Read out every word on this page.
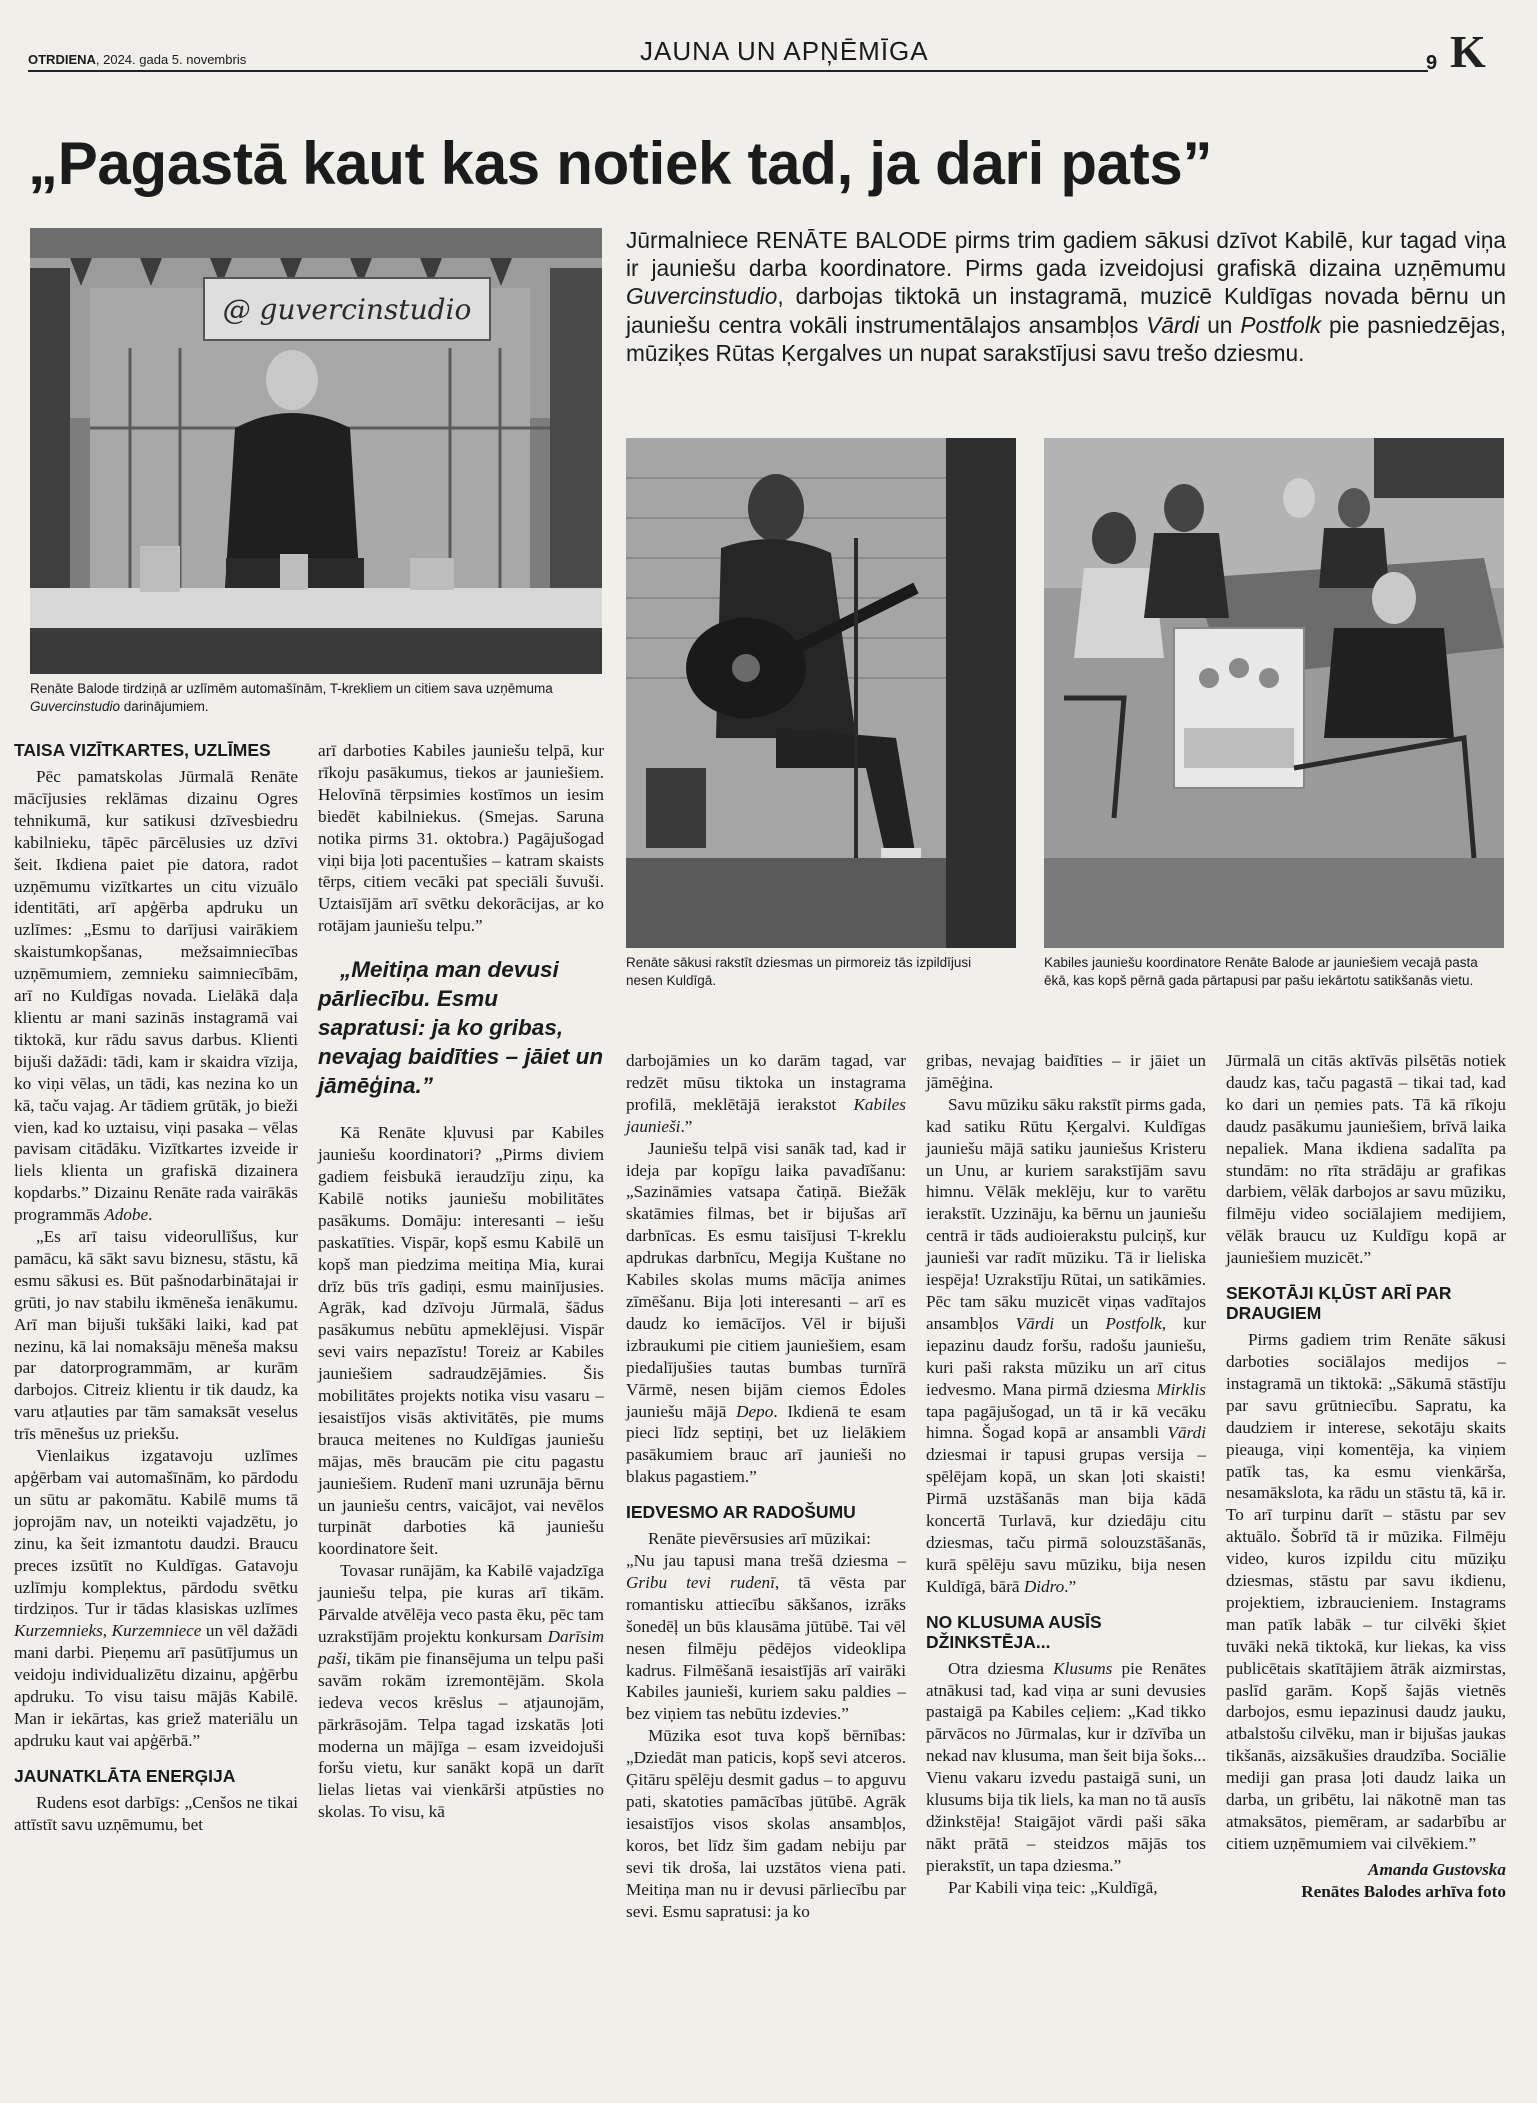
OTRDIENA, 2024. gada 5. novembris	JAUNA UN APŅĒMĪGA	9 K
„Pagastā kaut kas notiek tad, ja dari pats”

Jūrmalniece RENĀTE BALODE pirms trim gadiem sākusi dzīvot Kabilē, kur tagad viņa ir jauniešu darba koordinatore. Pirms gada izveidojusi grafiskā dizaina uzņēmumu Guvercinstudio, darbojas tiktokā un instagramā, muzicē Kuldīgas novada bērnu un jauniešu centra vokāli instrumentālajos ansambļos Vārdi un Postfolk pie pasniedzējas, mūziķes Rūtas Ķergalves un nupat sarakstījusi savu trešo dziesmu.

@ guvercinstudio

Renāte Balode tirdziņā ar uzlīmēm automašīnām, T-krekliem un citiem sava uzņēmuma Guvercinstudio darinājumiem.

Renāte sākusi rakstīt dziesmas un pirmoreiz tās izpildījusi nesen Kuldīgā.

Kabiles jauniešu koordinatore Renāte Balode ar jauniešiem vecajā pasta ēkā, kas kopš pērnā gada pārtapusi par pašu iekārtotu satikšanās vietu.

TAISA VIZĪTKARTES, UZLĪMES

Pēc pamatskolas Jūrmalā Renāte mācījusies reklāmas dizainu Ogres tehnikumā, kur satikusi dzīvesbiedru kabilnieku, tāpēc pārcēlusies uz dzīvi šeit. Ikdiena paiet pie datora, radot uzņēmumu vizītkartes un citu vizuālo identitāti, arī apģērba apdruku un uzlīmes: „Esmu to darījusi vairākiem skaistumkopšanas, mežsaimniecības uzņēmumiem, zemnieku saimniecībām, arī no Kuldīgas novada. Lielākā daļa klientu ar mani sazinās instagramā vai tiktokā, kur rādu savus darbus. Klienti bijuši dažādi: tādi, kam ir skaidra vīzija, ko viņi vēlas, un tādi, kas nezina ko un kā, taču vajag. Ar tādiem grūtāk, jo bieži vien, kad ko uztaisu, viņi pasaka – vēlas pavisam citādāku. Vizītkartes izveide ir liels klienta un grafiskā dizainera kopdarbs.” Dizainu Renāte rada vairākās programmās Adobe.

„Es arī taisu videorullīšus, kur pamācu, kā sākt savu biznesu, stāstu, kā esmu sākusi es. Būt pašnodarbinātajai ir grūti, jo nav stabilu ikmēneša ienākumu. Arī man bijuši tukšāki laiki, kad pat nezinu, kā lai nomaksāju mēneša maksu par datorprogrammām, ar kurām darbojos. Citreiz klientu ir tik daudz, ka varu atļauties par tām samaksāt veselus trīs mēnešus uz priekšu.

Vienlaikus izgatavoju uzlīmes apģērbam vai automašīnām, ko pārdodu un sūtu ar pakomātu. Kabilē mums tā joprojām nav, un noteikti vajadzētu, jo zinu, ka šeit izmantotu daudzi. Braucu preces izsūtīt no Kuldīgas. Gatavoju uzlīmju komplektus, pārdodu svētku tirdziņos. Tur ir tādas klasiskas uzlīmes Kurzemnieks, Kurzemniece un vēl dažādi mani darbi. Pieņemu arī pasūtījumus un veidoju individualizētu dizainu, apģērbu apdruku. To visu taisu mājās Kabilē. Man ir iekārtas, kas griež materiālu un apdruku kaut vai apģērbā.”

JAUNATKLĀTA ENERĢIJA

Rudens esot darbīgs: „Cenšos ne tikai attīstīt savu uzņēmumu, bet

arī darboties Kabiles jauniešu telpā, kur rīkoju pasākumus, tiekos ar jauniešiem. Helovīnā tērpsimies kostīmos un iesim biedēt kabilniekus. (Smejas. Saruna notika pirms 31. oktobra.) Pagājušogad viņi bija ļoti pacentušies – katram skaists tērps, citiem vecāki pat speciāli šuvuši. Uztaisījām arī svētku dekorācijas, ar ko rotājam jauniešu telpu.”

„Meitiņa man devusi pārliecību. Esmu sapratusi: ja ko gribas, nevajag baidīties – jāiet un jāmēģina.”

Kā Renāte kļuvusi par Kabiles jauniešu koordinatori? „Pirms diviem gadiem feisbukā ieraudzīju ziņu, ka Kabilē notiks jauniešu mobilitātes pasākums. Domāju: interesanti – iešu paskatīties. Vispār, kopš esmu Kabilē un kopš man piedzima meitiņa Mia, kurai drīz būs trīs gadiņi, esmu mainījusies. Agrāk, kad dzīvoju Jūrmalā, šādus pasākumus nebūtu apmeklējusi. Vispār sevi vairs nepazīstu! Toreiz ar Kabiles jauniešiem sadraudzējāmies. Šis mobilitātes projekts notika visu vasaru – iesaistījos visās aktivitātēs, pie mums brauca meitenes no Kuldīgas jauniešu mājas, mēs braucām pie citu pagastu jauniešiem. Rudenī mani uzrunāja bērnu un jauniešu centrs, vaicājot, vai nevēlos turpināt darboties kā jauniešu koordinatore šeit.

Tovasar runājām, ka Kabilē vajadzīga jauniešu telpa, pie kuras arī tikām. Pārvalde atvēlēja veco pasta ēku, pēc tam uzrakstījām projektu konkursam Darīsim paši, tikām pie finansējuma un telpu paši savām rokām izremontējām. Skola iedeva vecos krēslus – atjaunojām, pārkrāsojām. Telpa tagad izskatās ļoti moderna un mājīga – esam izveidojuši foršu vietu, kur sanākt kopā un darīt lielas lietas vai vienkārši atpūsties no skolas. To visu, kā

darbojāmies un ko darām tagad, var redzēt mūsu tiktoka un instagrama profilā, meklētājā ierakstot Kabiles jaunieši.”

Jauniešu telpā visi sanāk tad, kad ir ideja par kopīgu laika pavadīšanu: „Sazināmies vatsapa čatiņā. Biežāk skatāmies filmas, bet ir bijušas arī darbnīcas. Es esmu taisījusi T-kreklu apdrukas darbnīcu, Megija Kuštane no Kabiles skolas mums mācīja animes zīmēšanu. Bija ļoti interesanti – arī es daudz ko iemācījos. Vēl ir bijuši izbraukumi pie citiem jauniešiem, esam piedalījušies tautas bumbas turnīrā Vārmē, nesen bijām ciemos Ēdoles jauniešu mājā Depo. Ikdienā te esam pieci līdz septiņi, bet uz lielākiem pasākumiem brauc arī jaunieši no blakus pagastiem.”

IEDVESMO AR RADOŠUMU

Renāte pievērsusies arī mūzikai:

„Nu jau tapusi mana trešā dziesma – Gribu tevi rudenī, tā vēsta par romantisku attiecību sākšanos, izrāks šonedēļ un būs klausāma jūtūbē. Tai vēl nesen filmēju pēdējos videoklipa kadrus. Filmēšanā iesaistījās arī vairāki Kabiles jaunieši, kuriem saku paldies – bez viņiem tas nebūtu izdevies.”

Mūzika esot tuva kopš bērnības: „Dziedāt man paticis, kopš sevi atceros. Ģitāru spēlēju desmit gadus – to apguvu pati, skatoties pamācības jūtūbē. Agrāk iesaistījos visos skolas ansambļos, koros, bet līdz šim gadam nebiju par sevi tik droša, lai uzstātos viena pati. Meitiņa man nu ir devusi pārliecību par sevi. Esmu sapratusi: ja ko

gribas, nevajag baidīties – ir jāiet un jāmēģina.

Savu mūziku sāku rakstīt pirms gada, kad satiku Rūtu Ķergalvi. Kuldīgas jauniešu mājā satiku jauniešus Kristeru un Unu, ar kuriem sarakstījām savu himnu. Vēlāk meklēju, kur to varētu ierakstīt. Uzzināju, ka bērnu un jauniešu centrā ir tāds audioierakstu pulciņš, kur jaunieši var radīt mūziku. Tā ir lieliska iespēja! Uzrakstīju Rūtai, un satikāmies. Pēc tam sāku muzicēt viņas vadītajos ansambļos Vārdi un Postfolk, kur iepazinu daudz foršu, radošu jauniešu, kuri paši raksta mūziku un arī citus iedvesmo. Mana pirmā dziesma Mirklis tapa pagājušogad, un tā ir kā vecāku himna. Šogad kopā ar ansambli Vārdi dziesmai ir tapusi grupas versija – spēlējam kopā, un skan ļoti skaisti! Pirmā uzstāšanās man bija kādā koncertā Turlavā, kur dziedāju citu dziesmas, taču pirmā solouzstāšanās, kurā spēlēju savu mūziku, bija nesen Kuldīgā, bārā Didro.”

NO KLUSUMA AUSĪS DŽINKSTĒJA...

Otra dziesma Klusums pie Renātes atnākusi tad, kad viņa ar suni devusies pastaigā pa Kabiles ceļiem: „Kad tikko pārvācos no Jūrmalas, kur ir dzīvība un nekad nav klusuma, man šeit bija šoks... Vienu vakaru izvedu pastaigā suni, un klusums bija tik liels, ka man no tā ausīs džinkstēja! Staigājot vārdi paši sāka nākt prātā – steidzos mājās tos pierakstīt, un tapa dziesma.”

Par Kabili viņa teic: „Kuldīgā,

Jūrmalā un citās aktīvās pilsētās notiek daudz kas, taču pagastā – tikai tad, kad ko dari un ņemies pats. Tā kā rīkoju daudz pasākumu jauniešiem, brīvā laika nepaliek. Mana ikdiena sadalīta pa stundām: no rīta strādāju ar grafikas darbiem, vēlāk darbojos ar savu mūziku, filmēju video sociālajiem medijiem, vēlāk braucu uz Kuldīgu kopā ar jauniešiem muzicēt.”

SEKOTĀJI KĻŪST ARĪ PAR DRAUGIEM

Pirms gadiem trim Renāte sākusi darboties sociālajos medijos – instagramā un tiktokā: „Sākumā stāstīju par savu grūtniecību. Sapratu, ka daudziem ir interese, sekotāju skaits pieauga, viņi komentēja, ka viņiem patīk tas, ka esmu vienkārša, nesamākslota, ka rādu un stāstu tā, kā ir. To arī turpinu darīt – stāstu par sev aktuālo. Šobrīd tā ir mūzika. Filmēju video, kuros izpildu citu mūziķu dziesmas, stāstu par savu ikdienu, projektiem, izbraucieniem. Instagrams man patīk labāk – tur cilvēki šķiet tuvāki nekā tiktokā, kur liekas, ka viss publicētais skatītājiem ātrāk aizmirstas, paslīd garām. Kopš šajās vietnēs darbojos, esmu iepazinusi daudz jauku, atbalstošu cilvēku, man ir bijušas jaukas tikšanās, aizsākušies draudzība. Sociālie mediji gan prasa ļoti daudz laika un darba, un gribētu, lai nākotnē man tas atmaksātos, piemēram, ar sadarbību ar citiem uzņēmumiem vai cilvēkiem.”

Amanda Gustovska

Renātes Balodes arhīva foto
